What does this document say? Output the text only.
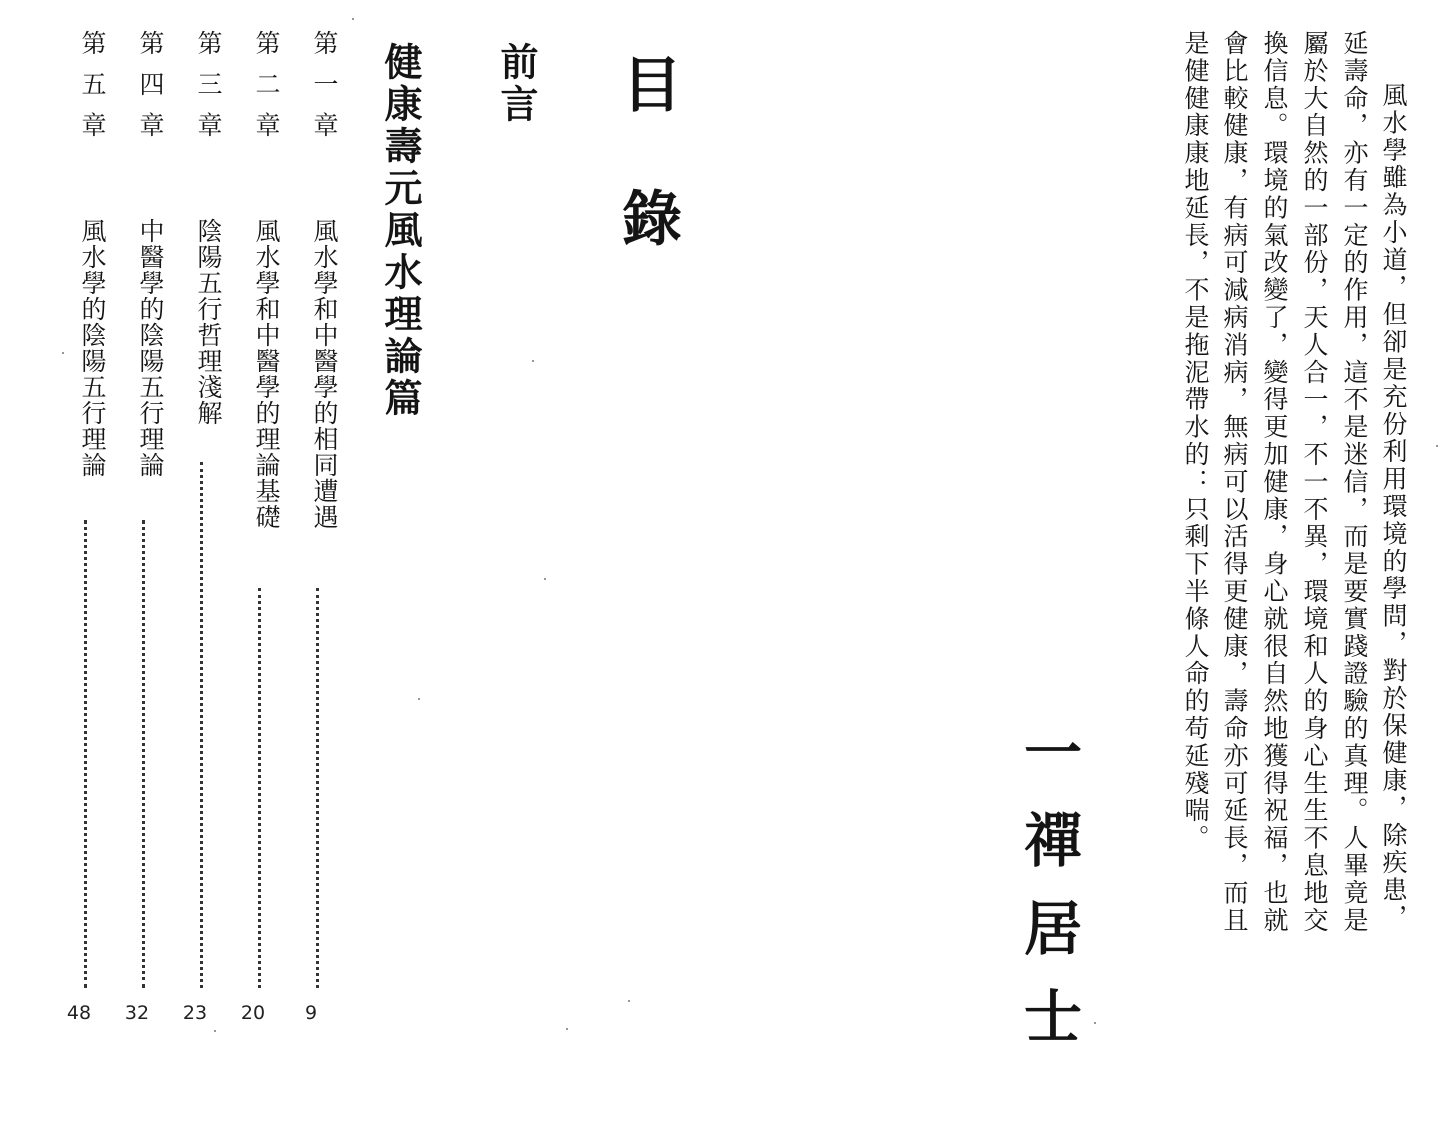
風水學雖為小道，但卻是充份利用環境的學問，對於保健康，除疾患，
延壽命，亦有一定的作用，這不是迷信，而是要實踐證驗的真理。人畢竟是
屬於大自然的一部份，天人合一，不一不異，環境和人的身心生生不息地交
換信息。環境的氣改變了，變得更加健康，身心就很自然地獲得祝福，也就
會比較健康，有病可減病消病，無病可以活得更健康，壽命亦可延長，而且
是健健康康地延長，不是拖泥帶水的：只剩下半條人命的苟延殘喘。
一禪居士
目
錄
前言
健康壽元風水理論篇
第一章
風水學和中醫學的相同遭遇
第二章
風水學和中醫學的理論基礎
第三章
陰陽五行哲理淺解
第四章
中醫學的陰陽五行理論
第五章
風水學的陰陽五行理論
9
20
23
32
48
